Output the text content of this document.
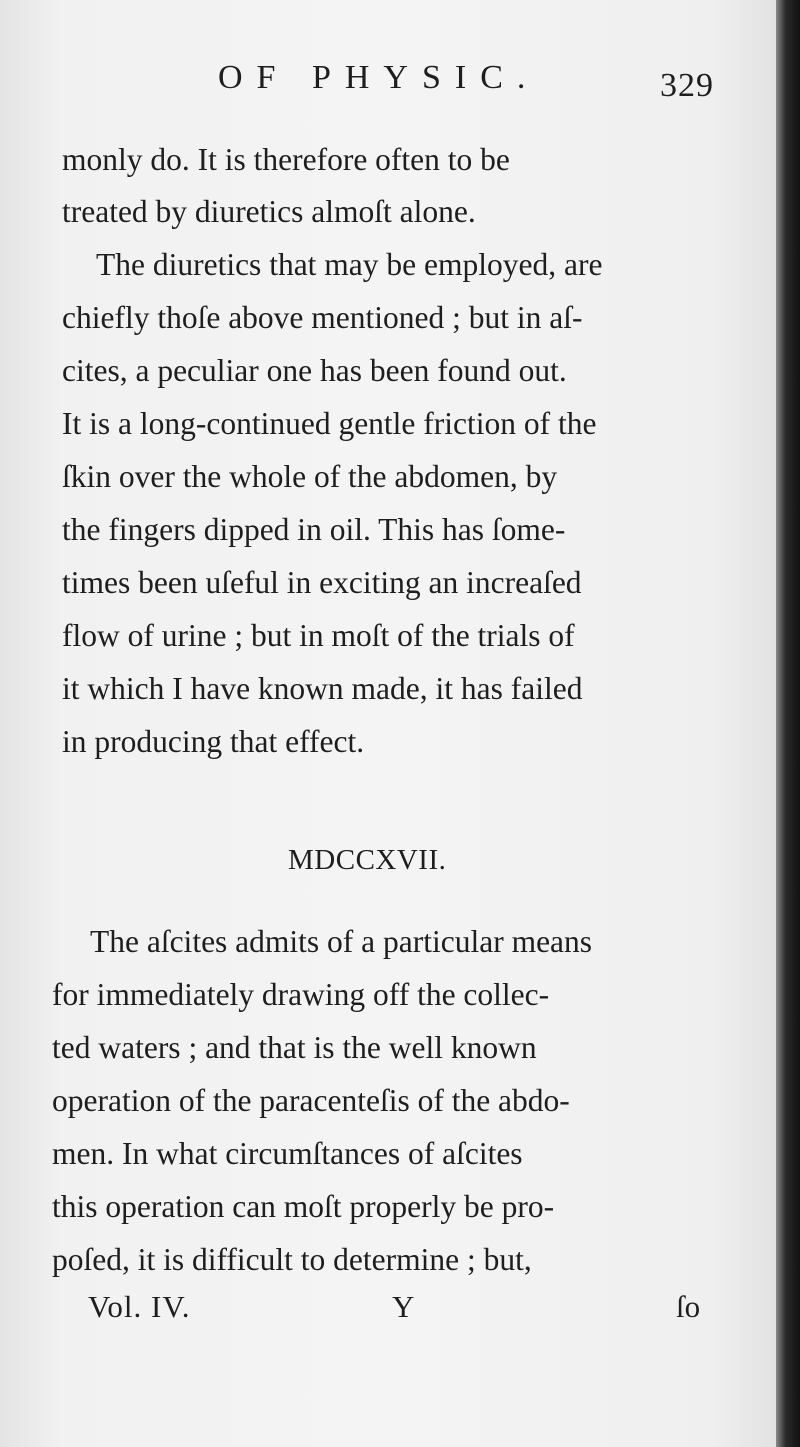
OF PHYSIC.	329
monly do. It is therefore often to be
treated by diuretics almoſt alone.
The diuretics that may be employed, are
chiefly thoſe above mentioned ; but in aſ-
cites, a peculiar one has been found out.
It is a long-continued gentle friction of the
ſkin over the whole of the abdomen, by
the fingers dipped in oil. This has ſome-
times been uſeful in exciting an increaſed
flow of urine ; but in moſt of the trials of
it which I have known made, it has failed
in producing that effect.
MDCCXVII.
The aſcites admits of a particular means
for immediately drawing off the collec-
ted waters ; and that is the well known
operation of the paracenteſis of the abdo-
men. In what circumſtances of aſcites
this operation can moſt properly be pro-
poſed, it is difficult to determine ; but,
Vol. IV.	Y	ſo
